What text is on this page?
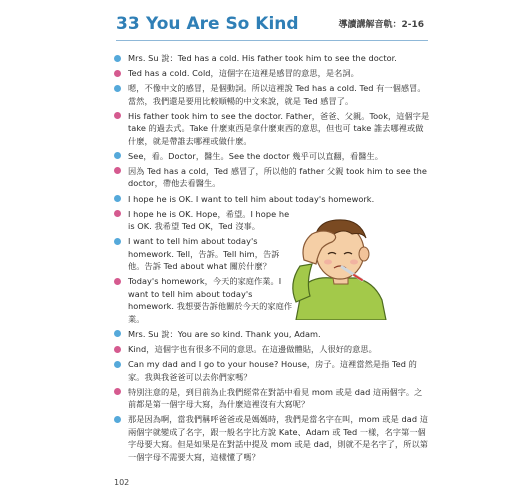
33 You Are So Kind	導讀講解音軌：2-16
Mrs. Su 說：Ted has a cold. His father took him to see the doctor.
Ted has a cold. Cold，這個字在這裡是感冒的意思，是名詞。
嗯，不像中文的感冒，是個動詞。所以這裡說 Ted has a cold. Ted 有一個感冒。當然，我們還是要用比較順暢的中文來說，就是 Ted 感冒了。
His father took him to see the doctor. Father，爸爸、父親。Took，這個字是 take 的過去式。Take 什麼東西是拿什麼東西的意思，但也可 take 誰去哪裡或做什麼，就是帶誰去哪裡或做什麼。
See，看。Doctor，醫生。See the doctor 幾乎可以直翻，看醫生。
因為 Ted has a cold，Ted 感冒了，所以他的 father 父親 took him to see the doctor，帶他去看醫生。
I hope he is OK. I want to tell him about today's homework.
I hope he is OK. Hope，希望。I hope he is OK. 我希望 Ted OK，Ted 沒事。
I want to tell him about today's homework. Tell，告訴。Tell him，告訴他。告訴 Ted about what 關於什麼？
Today's homework，今天的家庭作業。I want to tell him about today's homework. 我想要告訴他關於今天的家庭作業。
Mrs. Su 說：You are so kind. Thank you, Adam.
Kind，這個字也有很多不同的意思。在這邊做體貼，人很好的意思。
Can my dad and I go to your house? House，房子。這裡當然是指 Ted 的家。我與我爸爸可以去你們家嗎？
特別注意的是，到目前為止我們經常在對話中看見 mom 或是 dad 這兩個字。之前都是第一個字母大寫，為什麼這裡沒有大寫呢？
那是因為啊，當我們稱呼爸爸或是媽媽時，我們是當名字在叫，mom 或是 dad 這兩個字就變成了名字，跟一般名字比方說 Kate、Adam 或 Ted 一樣，名字第一個字母要大寫。但是如果是在對話中提及 mom 或是 dad，則就不是名字了，所以第一個字母不需要大寫，這樣懂了嗎？
102
